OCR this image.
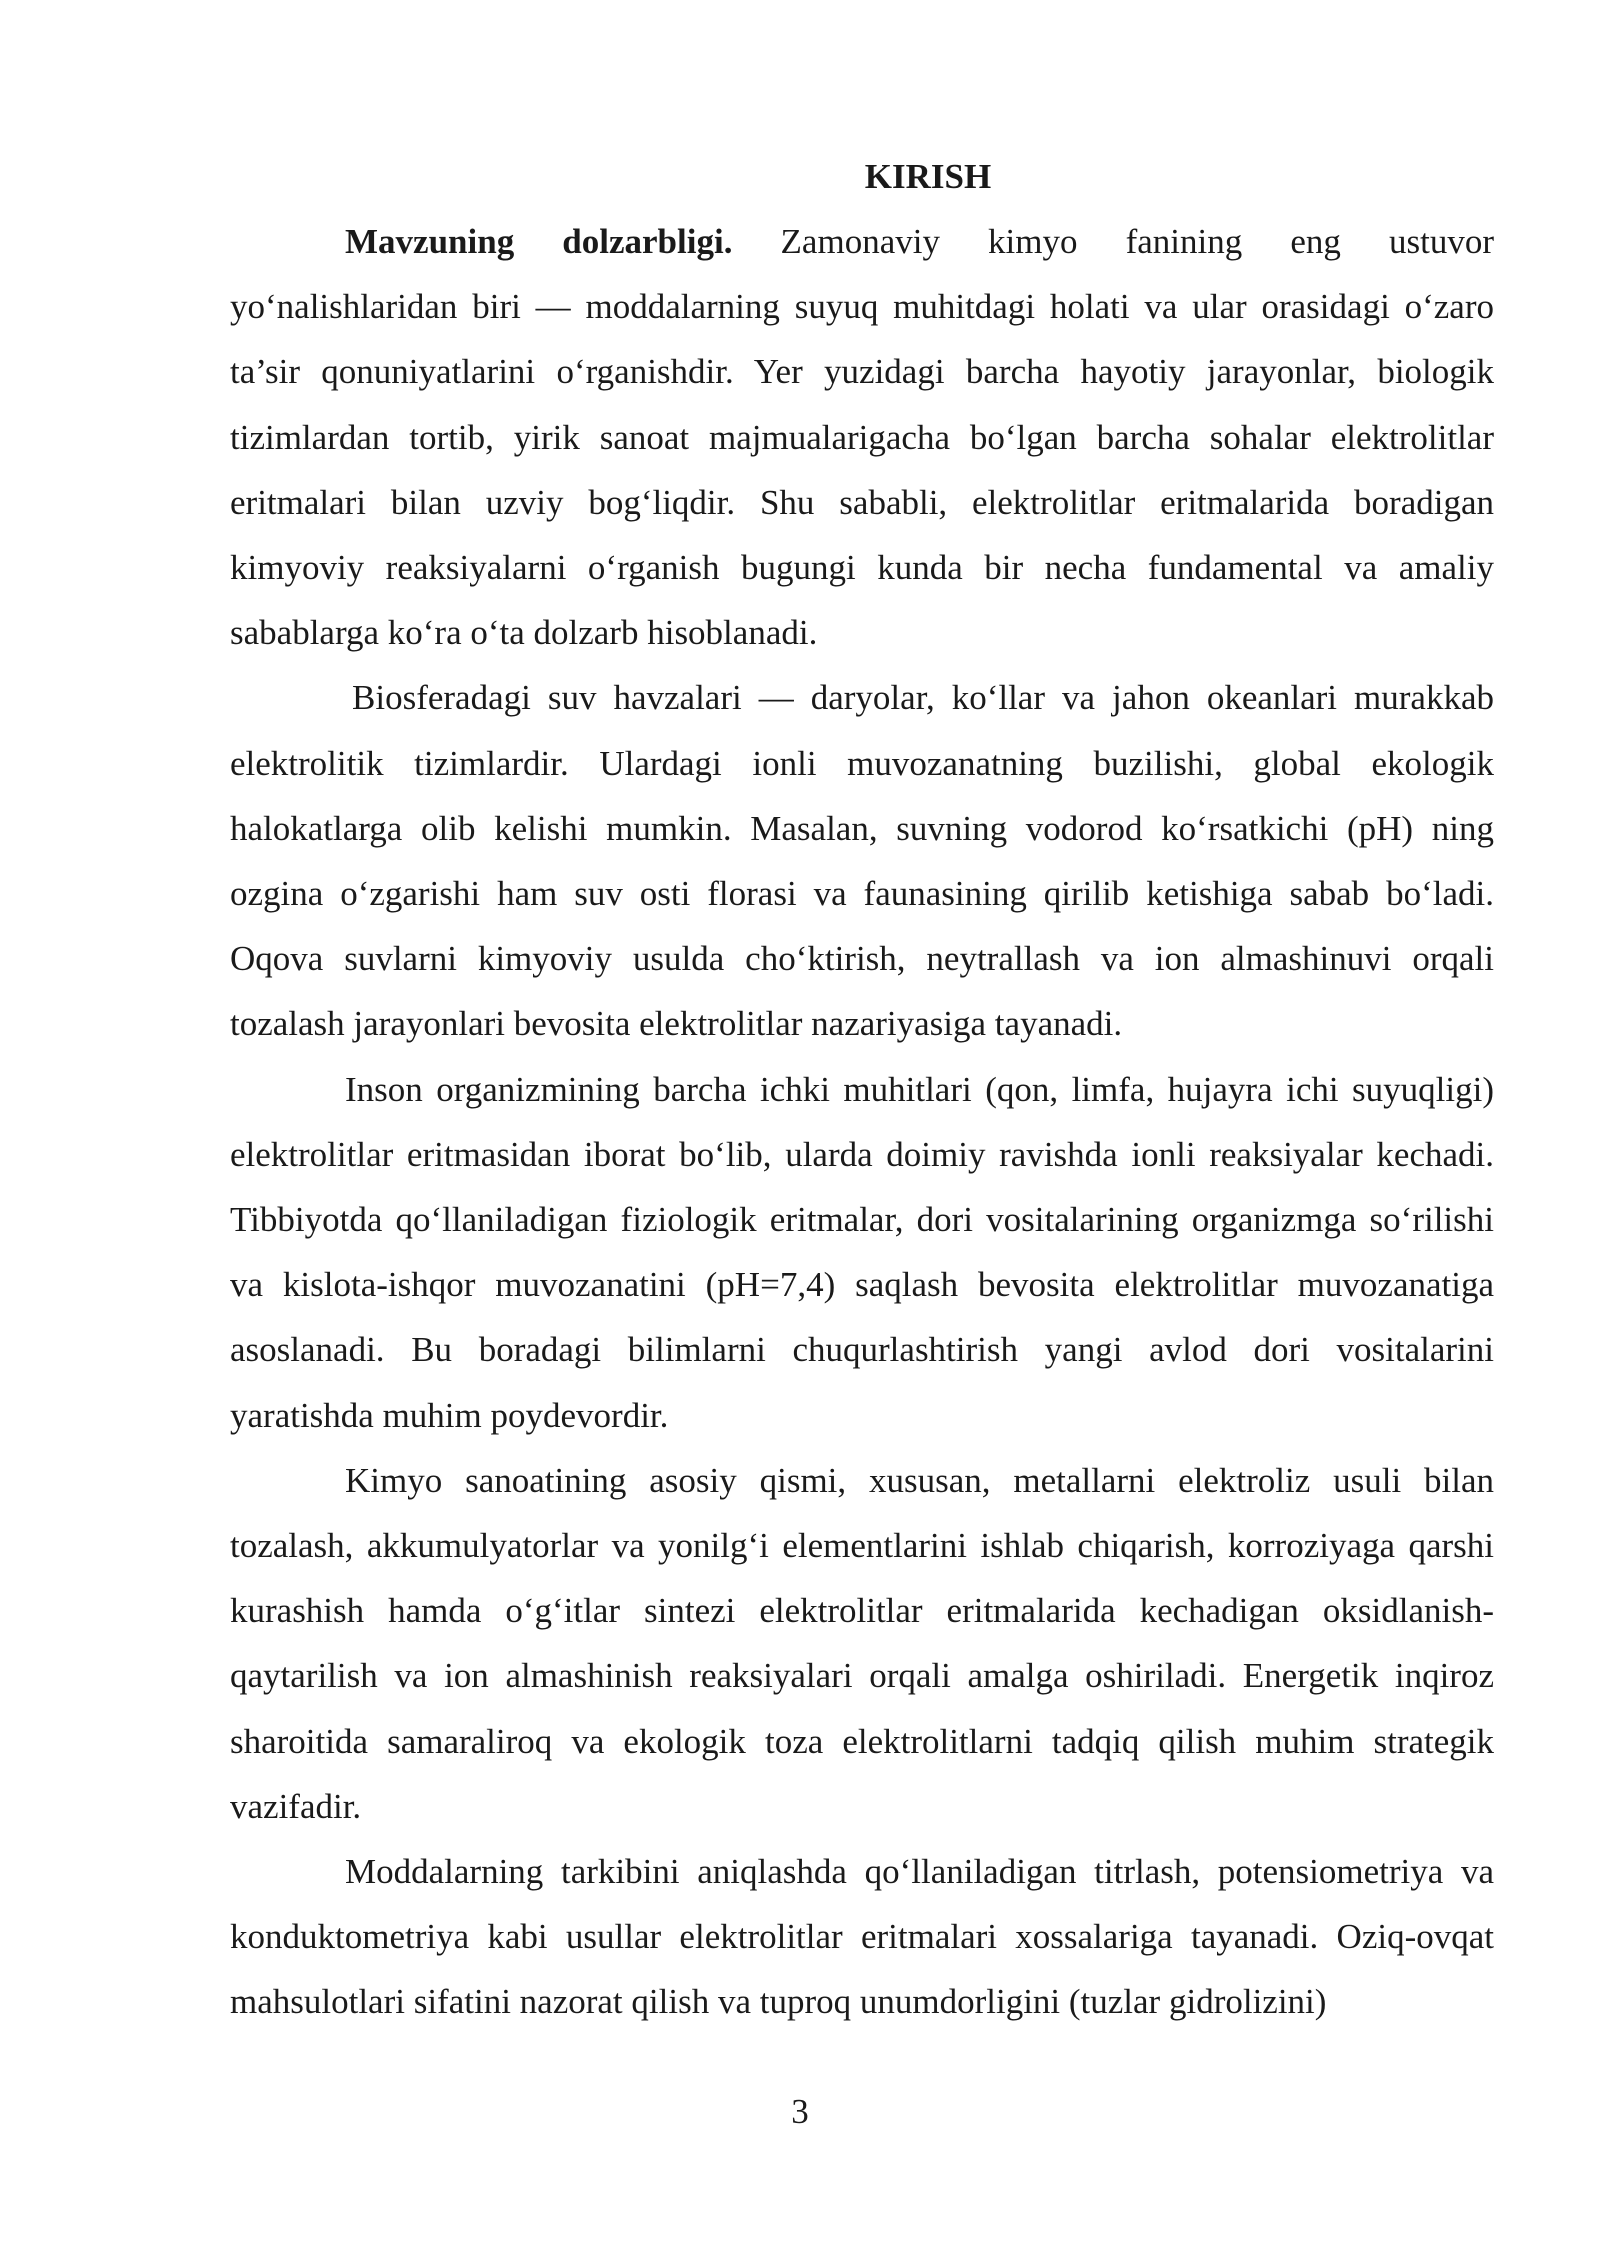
KIRISH

Mavzuning dolzarbligi. Zamonaviy kimyo fanining eng ustuvor yo‘nalishlaridan biri — moddalarning suyuq muhitdagi holati va ular orasidagi o‘zaro ta’sir qonuniyatlarini o‘rganishdir. Yer yuzidagi barcha hayotiy jarayonlar, biologik tizimlardan tortib, yirik sanoat majmualarigacha bo‘lgan barcha sohalar elektrolitlar eritmalari bilan uzviy bog‘liqdir. Shu sababli, elektrolitlar eritmalarida boradigan kimyoviy reaksiyalarni o‘rganish bugungi kunda bir necha fundamental va amaliy sabablarga ko‘ra o‘ta dolzarb hisoblanadi.

Biosferadagi suv havzalari — daryolar, ko‘llar va jahon okeanlari murakkab elektrolitik tizimlardir. Ulardagi ionli muvozanatning buzilishi, global ekologik halokatlarga olib kelishi mumkin. Masalan, suvning vodorod ko‘rsatkichi (pH) ning ozgina o‘zgarishi ham suv osti florasi va faunasining qirilib ketishiga sabab bo‘ladi. Oqova suvlarni kimyoviy usulda cho‘ktirish, neytrallash va ion almashinuvi orqali tozalash jarayonlari bevosita elektrolitlar nazariyasiga tayanadi.

Inson organizmining barcha ichki muhitlari (qon, limfa, hujayra ichi suyuqligi) elektrolitlar eritmasidan iborat bo‘lib, ularda doimiy ravishda ionli reaksiyalar kechadi. Tibbiyotda qo‘llaniladigan fiziologik eritmalar, dori vositalarining organizmga so‘rilishi va kislota-ishqor muvozanatini (pH=7,4) saqlash bevosita elektrolitlar muvozanatiga asoslanadi. Bu boradagi bilimlarni chuqurlashtirish yangi avlod dori vositalarini yaratishda muhim poydevordir.

Kimyo sanoatining asosiy qismi, xususan, metallarni elektroliz usuli bilan tozalash, akkumulyatorlar va yonilg‘i elementlarini ishlab chiqarish, korroziyaga qarshi kurashish hamda o‘g‘itlar sintezi elektrolitlar eritmalarida kechadigan oksidlanish-qaytarilish va ion almashinish reaksiyalari orqali amalga oshiriladi. Energetik inqiroz sharoitida samaraliroq va ekologik toza elektrolitlarni tadqiq qilish muhim strategik vazifadir.

Moddalarning tarkibini aniqlashda qo‘llaniladigan titrlash, potensiometriya va konduktometriya kabi usullar elektrolitlar eritmalari xossalariga tayanadi. Oziq-ovqat mahsulotlari sifatini nazorat qilish va tuproq unumdorligini (tuzlar gidrolizini)

3
